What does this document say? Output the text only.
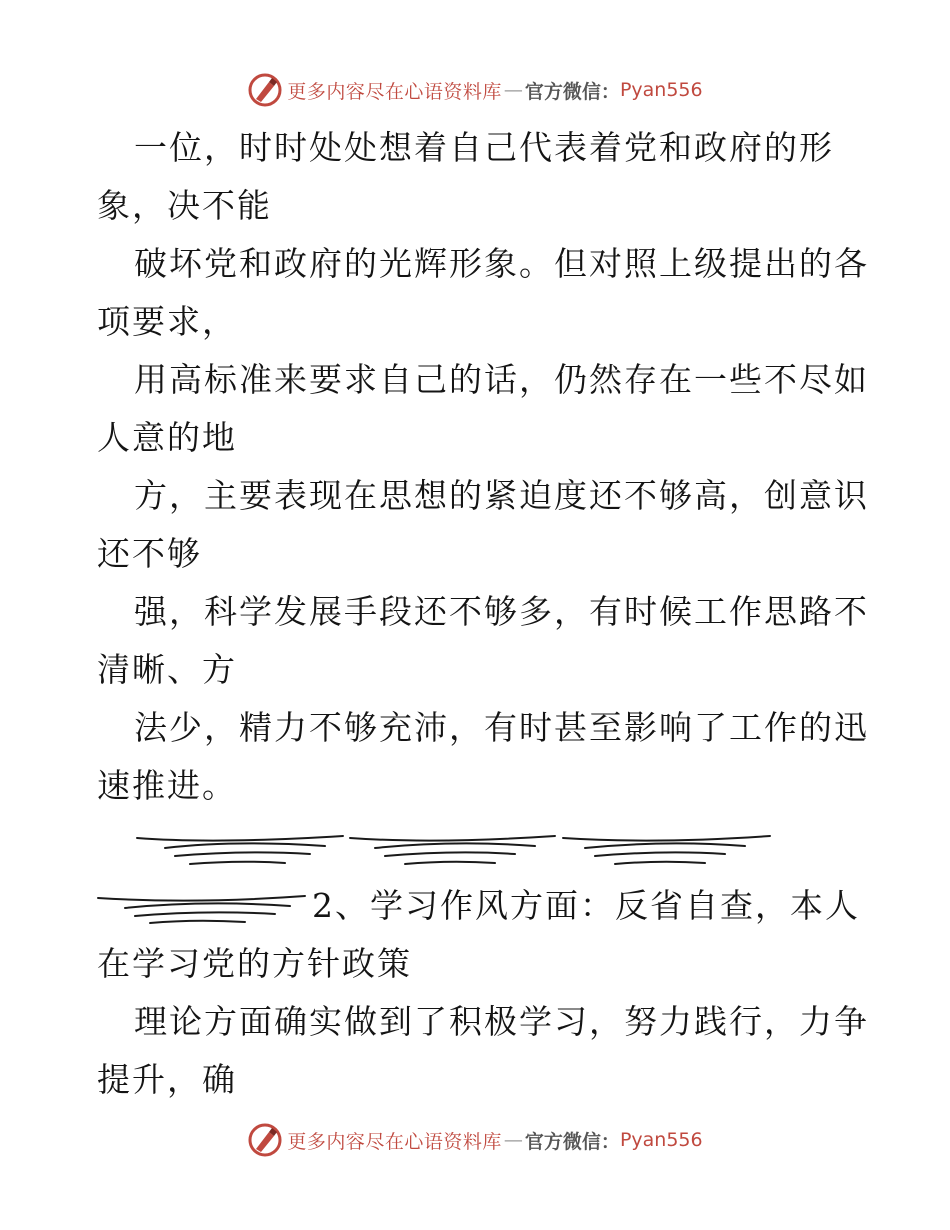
更多内容尽在心语资料库 — 官方微信： Pyan556
一位，时时处处想着自己代表着党和政府的形
象，决不能
破坏党和政府的光辉形象。但对照上级提出的各
项要求，
用高标准来要求自己的话，仍然存在一些不尽如
人意的地
方，主要表现在思想的紧迫度还不够高，创意识
还不够
强，科学发展手段还不够多，有时候工作思路不
清晰、方
法少，精力不够充沛，有时甚至影响了工作的迅
速推进。
2、学习作风方面：反省自查，本人
在学习党的方针政策
理论方面确实做到了积极学习，努力践行，力争
提升，确
更多内容尽在心语资料库 — 官方微信： Pyan556
